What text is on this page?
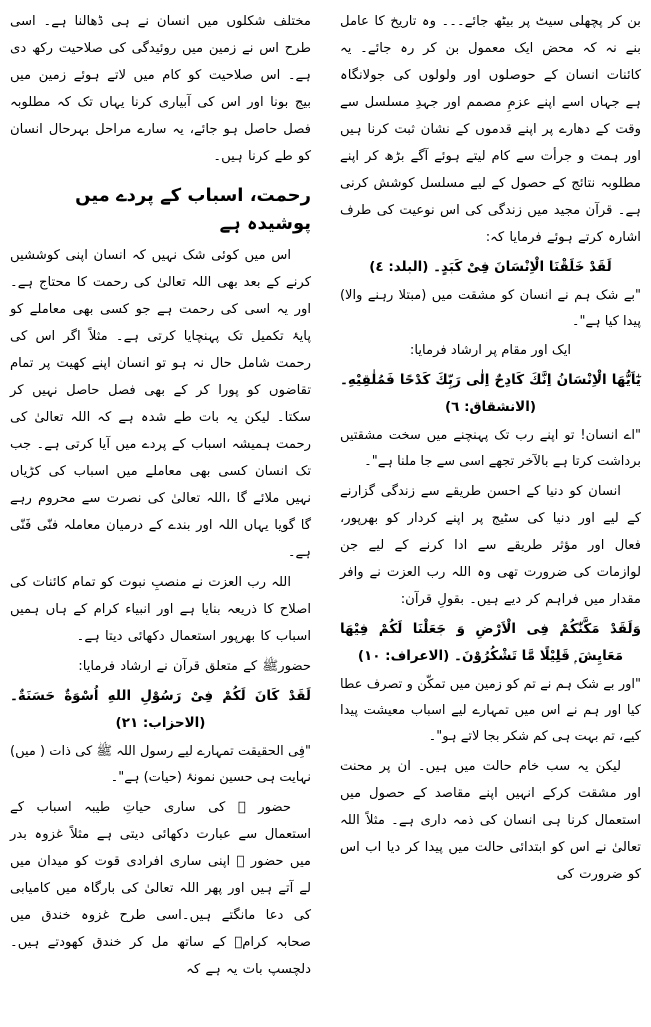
مختلف شکلوں میں انسان نے ہی ڈھالنا ہے۔ اسی طرح اس نے زمین میں روئیدگی کی صلاحیت رکھ دی ہے۔ اس صلاحیت کو کام میں لاتے ہوئے زمین میں بیج بونا اور اس کی آبیاری کرنا یہاں تک کہ مطلوبہ فصل حاصل ہو جائے، یہ سارے مراحل بہرحال انسان کو طے کرنا ہیں۔

رحمت، اسباب کے پردے میں پوشیدہ ہے

اس میں کوئی شک نہیں کہ انسان اپنی کوششیں کرنے کے بعد بھی اللہ تعالیٰ کی رحمت کا محتاج ہے۔ اور یہ اسی کی رحمت ہے جو کسی بھی معاملے کو پایۂ تکمیل تک پہنچایا کرتی ہے۔ مثلاً اگر اس کی رحمت شامل حال نہ ہو تو انسان اپنے کھیت پر تمام تقاضوں کو پورا کر کے بھی فصل حاصل نہیں کر سکتا۔ لیکن یہ بات طے شدہ ہے کہ اللہ تعالیٰ کی رحمت ہمیشہ اسباب کے پردے میں آیا کرتی ہے۔ جب تک انسان کسی بھی معاملے میں اسباب کی کڑیاں نہیں ملائے گا ،اللہ تعالیٰ کی نصرت سے محروم رہے گا گویا یہاں اللہ اور بندے کے درمیان معاملہ فنّی فَنّی ہے۔

اللہ رب العزت نے منصبِ نبوت کو تمام کائنات کی اصلاح کا ذریعہ بنایا ہے اور انبیاء کرام کے ہاں ہمیں اسباب کا بھرپور استعمال دکھائی دیتا ہے۔

حضورﷺ کے متعلق قرآن نے ارشاد فرمایا:

لَقَدْ كَانَ لَكُمْ فِىْ رَسُوْلِ اللهِ اُسْوَةٌ حَسَنَةٌ۔ (الاحزاب: ٢١)

"فِی الحقیقت تمہارے لیے رسول اللہ ﷺ کی ذات ( میں) نہایت ہی حسین نمونۂ (حیات) ہے"۔

حضور ﷺ کی ساری حیاتِ طیبہ اسباب کے استعمال سے عبارت دکھائی دیتی ہے مثلاً غزوہ بدر میں حضور ﷺ اپنی ساری افرادی قوت کو میدان میں لے آتے ہیں اور پھر اللہ تعالیٰ کی بارگاہ میں کامیابی کی دعا مانگتے ہیں۔اسی طرح غزوہ خندق میں صحابہ کرامؓ کے ساتھ مل کر خندق کھودتے ہیں۔ دلچسپ بات یہ ہے کہ

بن کر پچھلی سیٹ پر بیٹھ جائے۔۔۔ وہ تاریخ کا عامل بنے نہ کہ محض ایک معمول بن کر رہ جائے۔ یہ کائنات انسان کے حوصلوں اور ولولوں کی جولانگاہ ہے جہاں اسے اپنے عزمِ مصمم اور جہدِ مسلسل سے وقت کے دھارے پر اپنے قدموں کے نشان ثبت کرنا ہیں اور ہمت و جرأت سے کام لیتے ہوئے آگے بڑھ کر اپنے مطلوبہ نتائج کے حصول کے لیے مسلسل کوشش کرنی ہے۔ قرآن مجید میں زندگی کی اس نوعیت کی طرف اشارہ کرتے ہوئے فرمایا کہ:

لَقَدْ خَلَقْنَا الْاِنْسَانَ فِىْ كَبَدٍ۔ (البلد: ٤)

"بے شک ہم نے انسان کو مشقت میں (مبتلا رہنے والا) پیدا کیا ہے"۔

ایک اور مقام پر ارشاد فرمایا:

يٰٓاَيُّهَا الْاِنْسَانُ اِنَّكَ كَادِحٌ اِلٰى رَبِّكَ كَدْحًا فَمُلٰقِيْهِ۔ (الانشقاق: ٦)

"اے انسان! تو اپنے رب تک پہنچنے میں سخت مشقتیں برداشت کرتا ہے بالآخر تجھے اسی سے جا ملنا ہے"۔

انسان کو دنیا کے احسن طریقے سے زندگی گزارنے کے لیے اور دنیا کی سٹیج پر اپنے کردار کو بھرپور، فعال اور مؤثر طریقے سے ادا کرنے کے لیے جن لوازمات کی ضرورت تھی وہ اللہ رب العزت نے وافر مقدار میں فراہم کر دیے ہیں۔ بقولِ قرآن:

وَلَقَدْ مَكَّنّٰكُمْ فِى الْاَرْضِ وَ جَعَلْنَا لَكُمْ فِيْهَا مَعَايِشَ ۭ قَلِيْلًا مَّا تَشْكُرُوْنَ۔ (الاعراف: ١٠)

"اور بے شک ہم نے تم کو زمین میں تمکّن و تصرف عطا کیا اور ہم نے اس میں تمہارے لیے اسباب معیشت پیدا کیے، تم بہت ہی کم شکر بجا لاتے ہو"۔

لیکن یہ سب خام حالت میں ہیں۔ ان پر محنت اور مشقت کرکے انہیں اپنے مقاصد کے حصول میں استعمال کرنا ہی انسان کی ذمہ داری ہے۔ مثلاً اللہ تعالیٰ نے اس کو ابتدائی حالت میں پیدا کر دیا اب اس کو ضرورت کی
